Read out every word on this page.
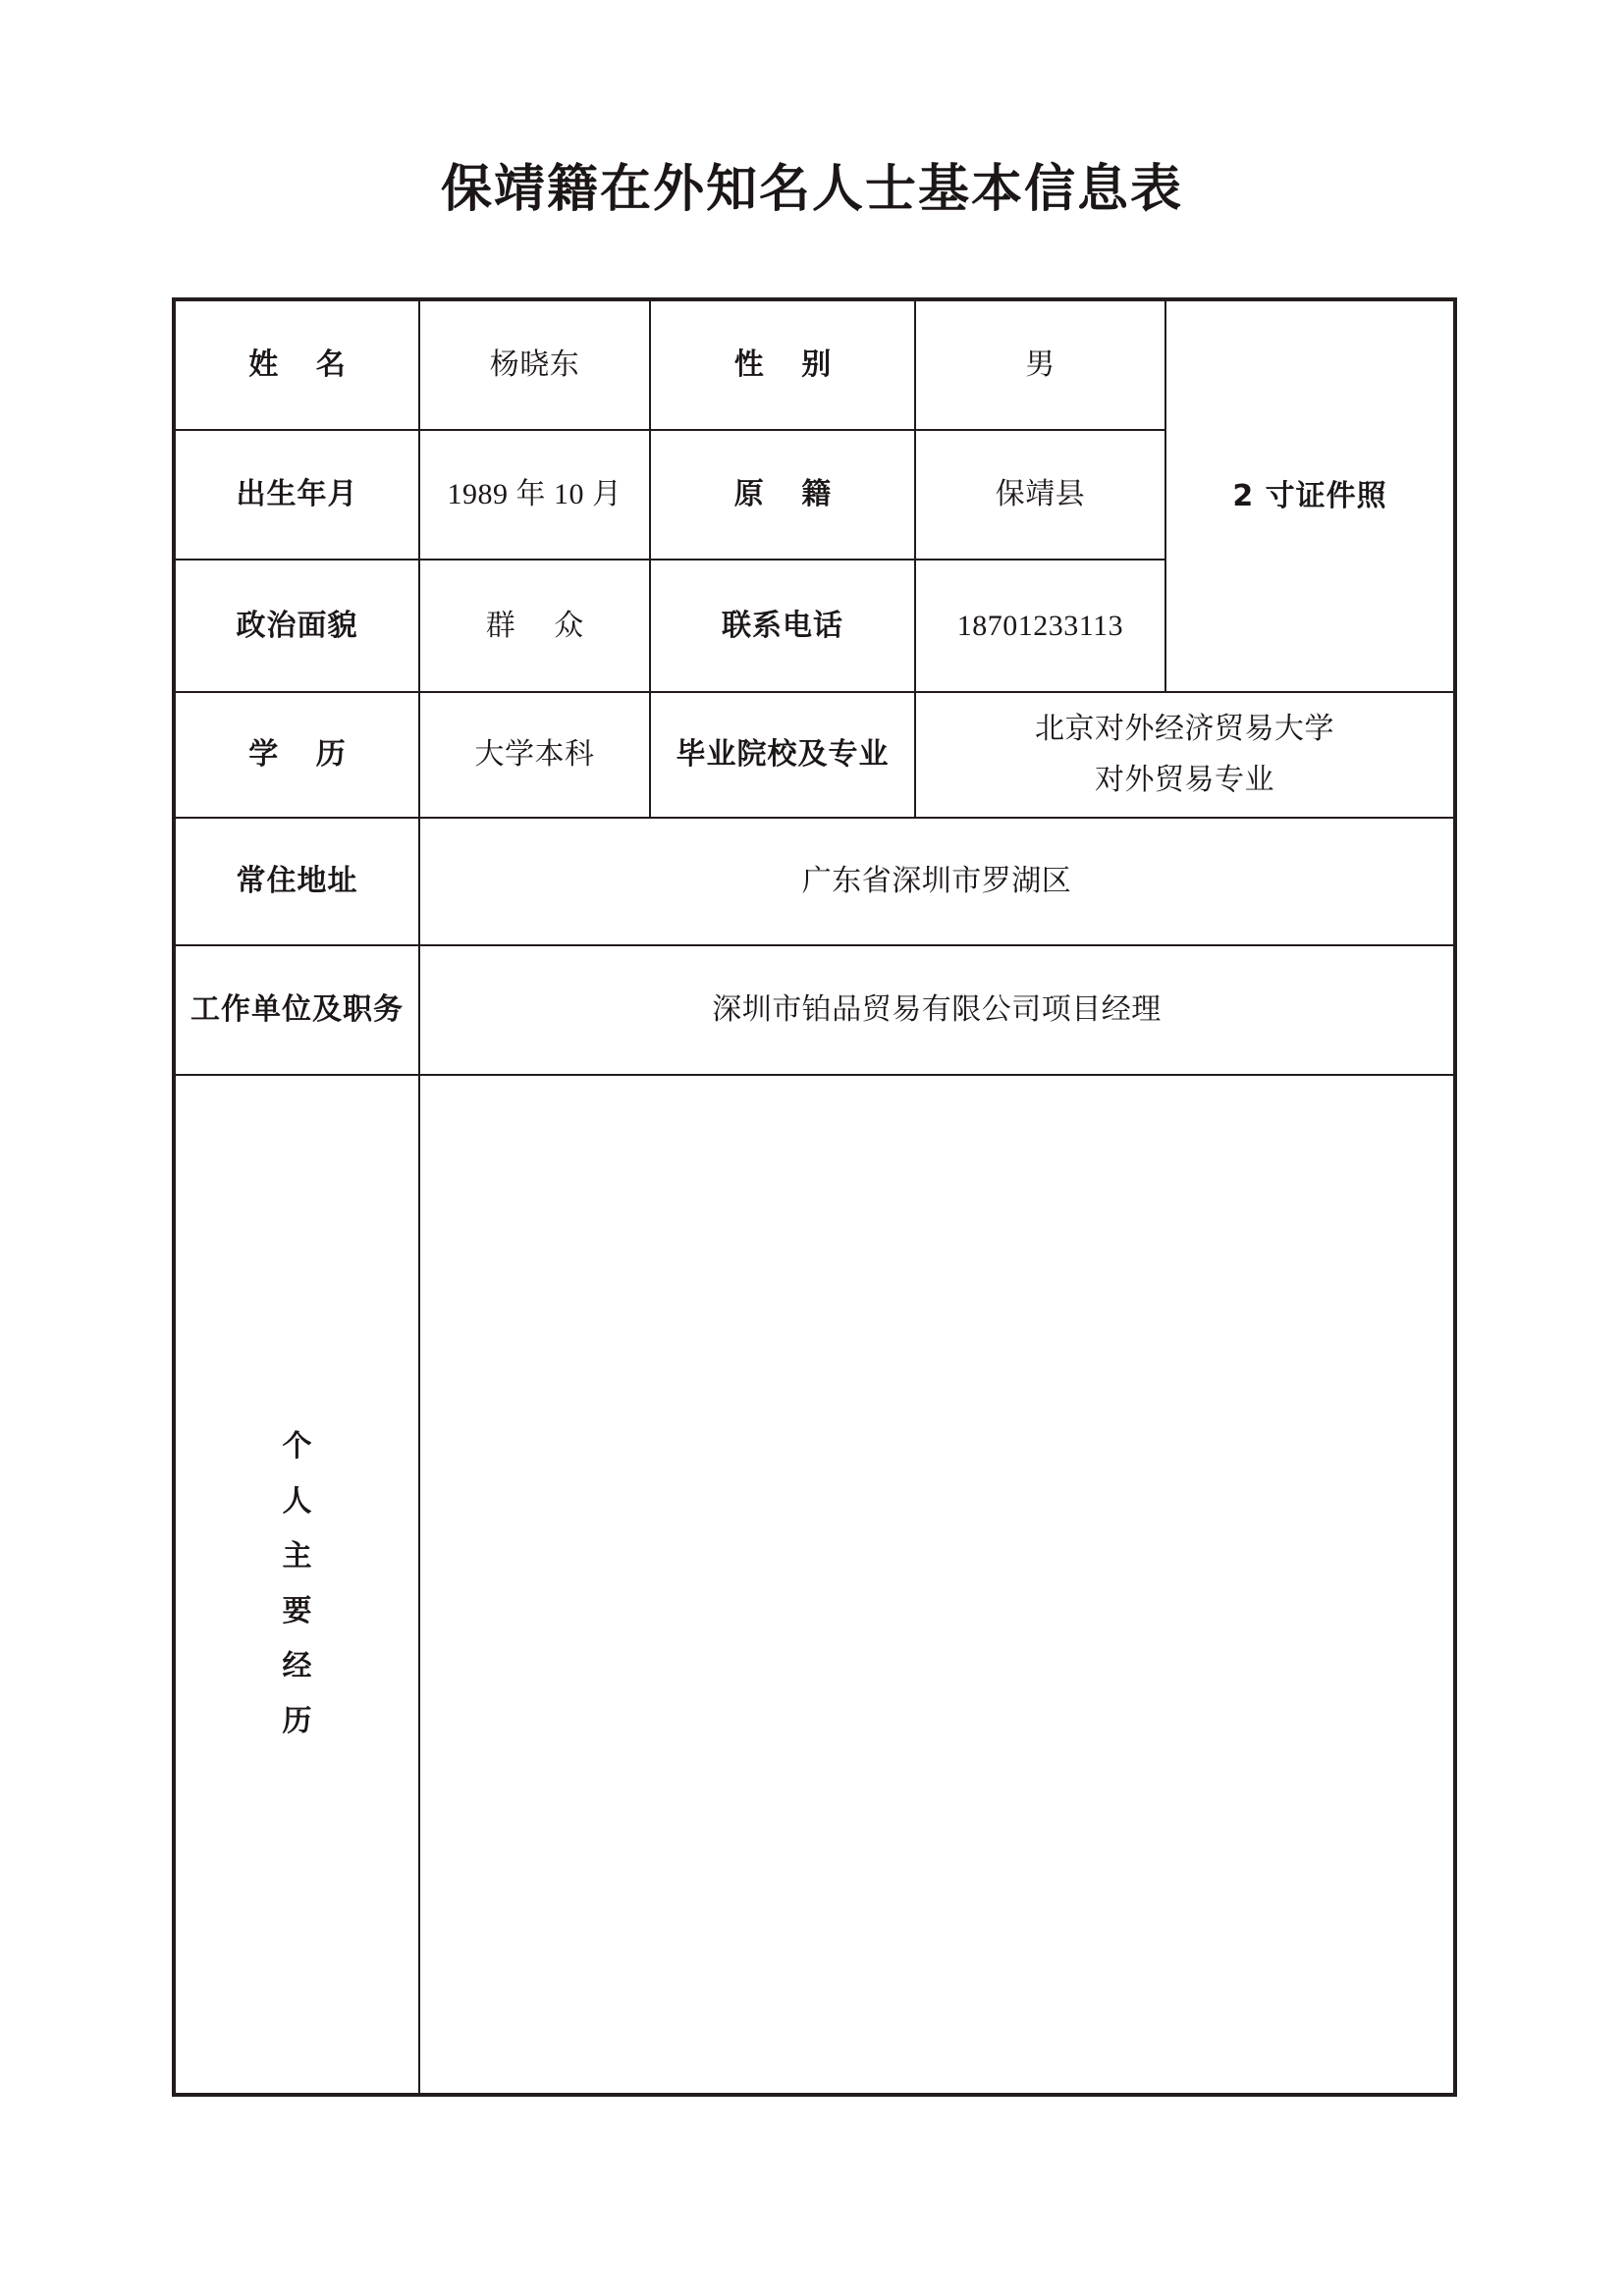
保靖籍在外知名人士基本信息表
姓 名	杨晓东	性 别	男	2 寸证件照
出生年月	1989 年 10 月	原 籍	保靖县	
政治面貌	群 众	联系电话	18701233113	
学 历	大学本科	毕业院校及专业	北京对外经济贸易大学
对外贸易专业	

常住地址	广东省深圳市罗湖区			
工作单位及职务	深圳市铂品贸易有限公司项目经理			

个
人
主
要
经
历
